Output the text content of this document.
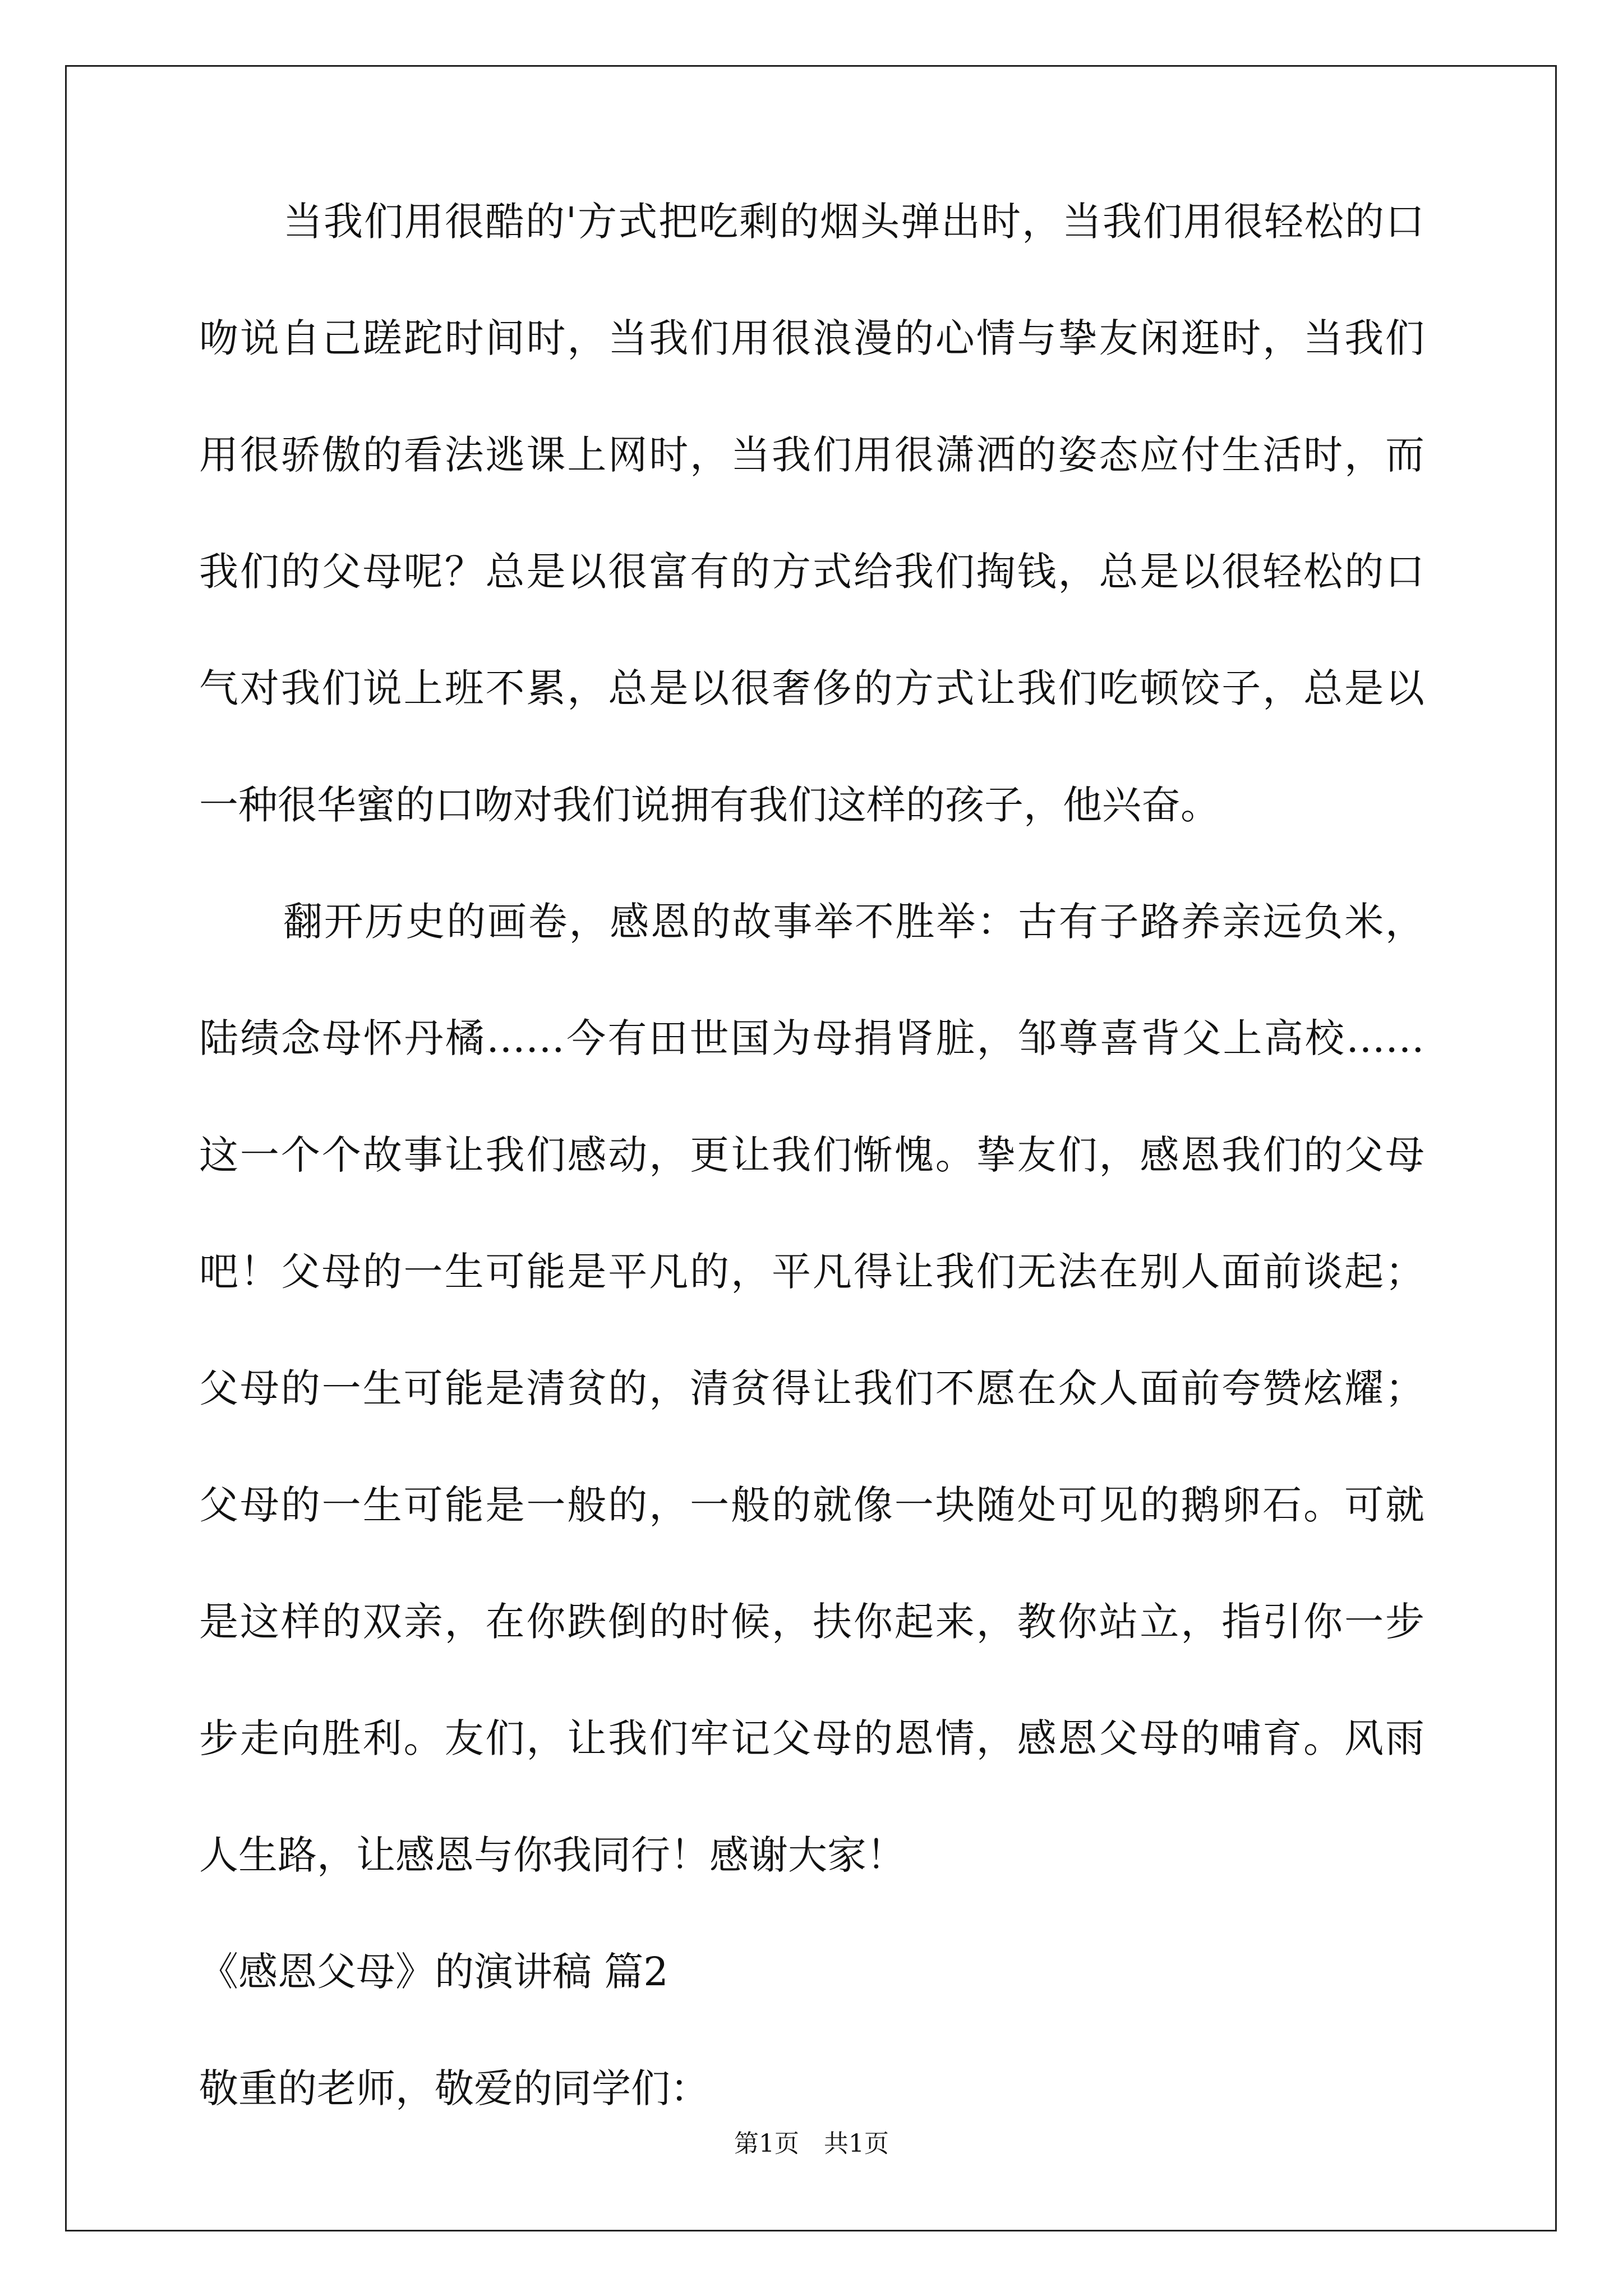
当我们用很酷的'方式把吃剩的烟头弹出时，当我们用很轻松的口
吻说自己蹉跎时间时，当我们用很浪漫的心情与挚友闲逛时，当我们
用很骄傲的看法逃课上网时，当我们用很潇洒的姿态应付生活时，而
我们的父母呢？总是以很富有的方式给我们掏钱，总是以很轻松的口
气对我们说上班不累，总是以很奢侈的方式让我们吃顿饺子，总是以
一种很华蜜的口吻对我们说拥有我们这样的孩子，他兴奋。
翻开历史的画卷，感恩的故事举不胜举：古有子路养亲远负米，
陆绩念母怀丹橘……今有田世国为母捐肾脏，邹尊喜背父上高校……
这一个个故事让我们感动，更让我们惭愧。挚友们，感恩我们的父母
吧！父母的一生可能是平凡的，平凡得让我们无法在别人面前谈起；
父母的一生可能是清贫的，清贫得让我们不愿在众人面前夸赞炫耀；
父母的一生可能是一般的，一般的就像一块随处可见的鹅卵石。可就
是这样的双亲，在你跌倒的时候，扶你起来，教你站立，指引你一步
步走向胜利。友们，让我们牢记父母的恩情，感恩父母的哺育。风雨
人生路，让感恩与你我同行！感谢大家！
《感恩父母》的演讲稿 篇2
敬重的老师，敬爱的同学们：
第1页　共1页
